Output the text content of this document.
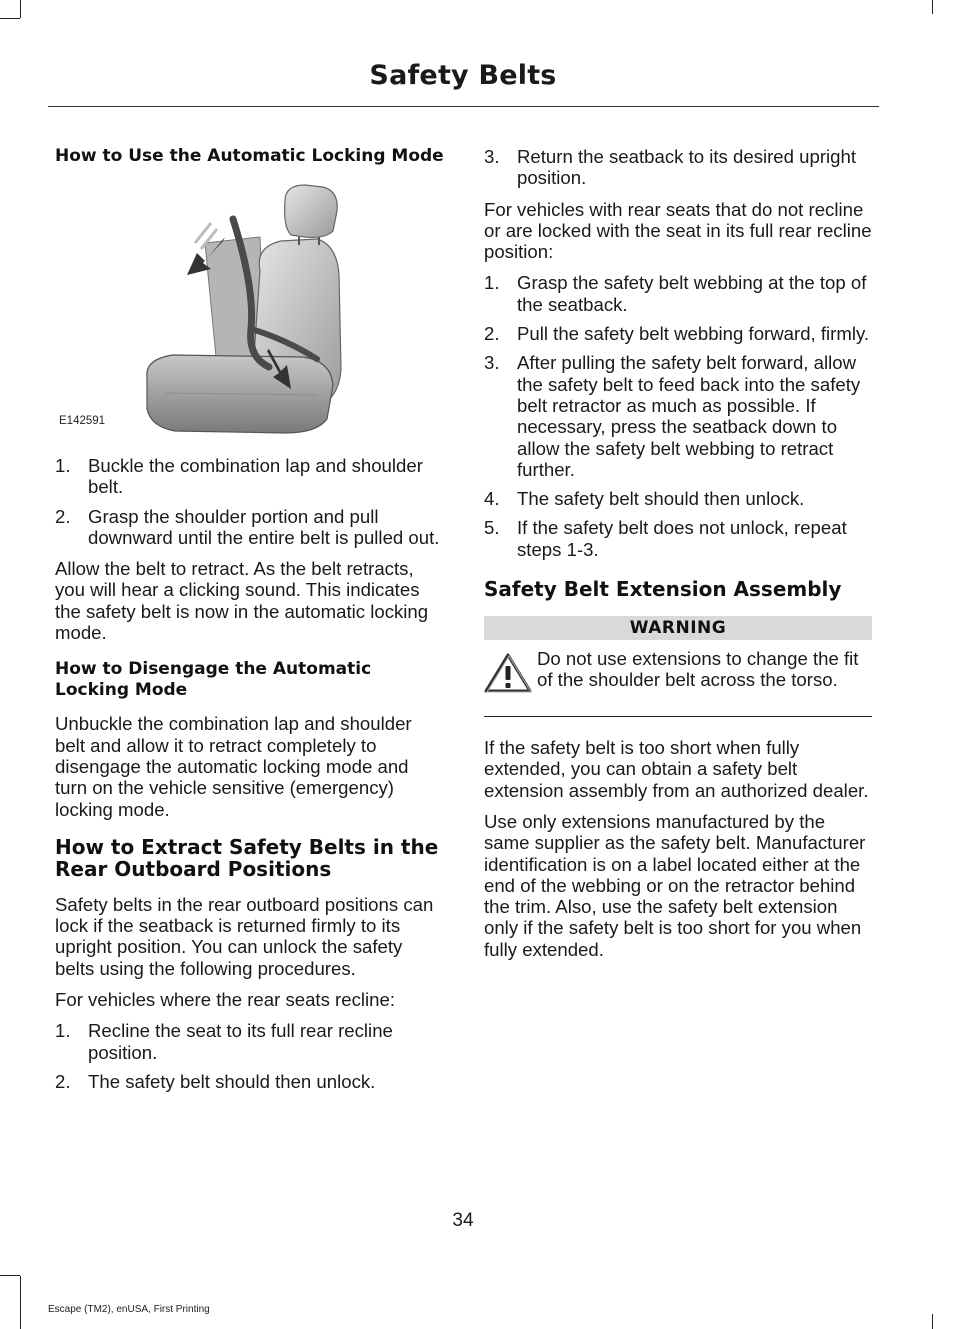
Safety Belts
How to Use the Automatic Locking Mode
E142591
1. Buckle the combination lap and shoulder belt.
2. Grasp the shoulder portion and pull downward until the entire belt is pulled out.

Allow the belt to retract. As the belt retracts, you will hear a clicking sound. This indicates the safety belt is now in the automatic locking mode.

How to Disengage the Automatic Locking Mode

Unbuckle the combination lap and shoulder belt and allow it to retract completely to disengage the automatic locking mode and turn on the vehicle sensitive (emergency) locking mode.

How to Extract Safety Belts in the Rear Outboard Positions

Safety belts in the rear outboard positions can lock if the seatback is returned firmly to its upright position. You can unlock the safety belts using the following procedures.

For vehicles where the rear seats recline:

1. Recline the seat to its full rear recline position.
2. The safety belt should then unlock.
3. Return the seatback to its desired upright position.

For vehicles with rear seats that do not recline or are locked with the seat in its full rear recline position:

1. Grasp the safety belt webbing at the top of the seatback.
2. Pull the safety belt webbing forward, firmly.
3. After pulling the safety belt forward, allow the safety belt to feed back into the safety belt retractor as much as possible. If necessary, press the seatback down to allow the safety belt webbing to retract further.
4. The safety belt should then unlock.
5. If the safety belt does not unlock, repeat steps 1-3.
Safety Belt Extension Assembly
WARNING

Do not use extensions to change the fit of the shoulder belt across the torso.

If the safety belt is too short when fully extended, you can obtain a safety belt extension assembly from an authorized dealer.

Use only extensions manufactured by the same supplier as the safety belt. Manufacturer identification is on a label located either at the end of the webbing or on the retractor behind the trim. Also, use the safety belt extension only if the safety belt is too short for you when fully extended.

34
Escape (TM2), enUSA, First Printing
